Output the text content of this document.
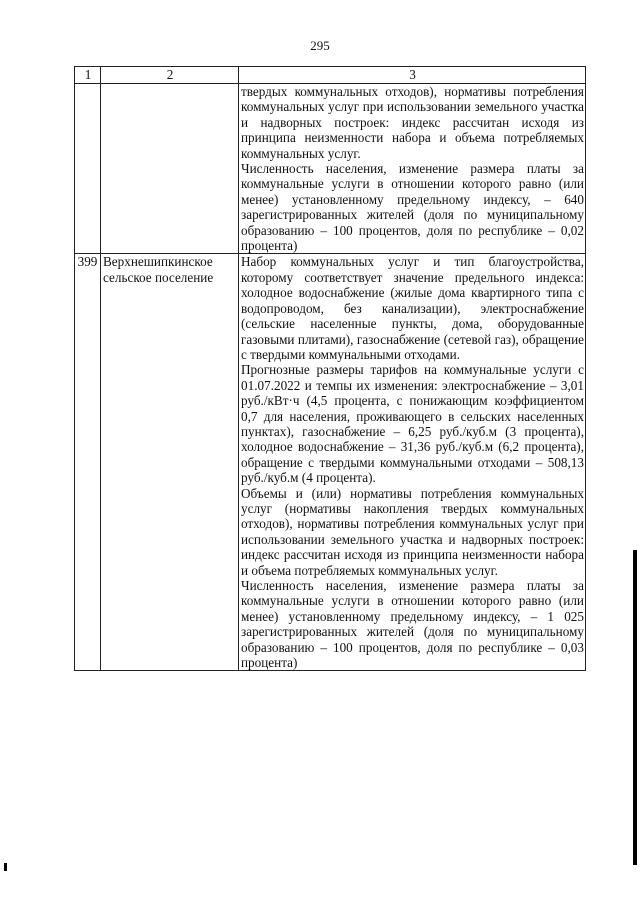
295
1	2	3

		твердых коммунальных отходов), нормативы потребления коммунальных услуг при использовании земельного участка и надворных построек: индекс рассчитан исходя из принципа неизменности набора и объема потребляемых коммунальных услуг.

Численность населения, изменение размера платы за коммунальные услуги в отношении которого равно (или менее) установленному предельному индексу, – 640 зарегистрированных жителей (доля по муниципальному образованию – 100 процентов, доля по республике – 0,02 процента)

399	Верхнешипкинское сельское поселение	Набор коммунальных услуг и тип благоустройства, которому соответствует значение предельного индекса: холодное водоснабжение (жилые дома квартирного типа с водопроводом, без канализации), электроснабжение (сельские населенные пункты, дома, оборудованные газовыми плитами), газоснабжение (сетевой газ), обращение с твердыми коммунальными отходами.

Прогнозные размеры тарифов на коммунальные услуги с 01.07.2022 и темпы их изменения: электроснабжение – 3,01 руб./кВт·ч (4,5 процента, с понижающим коэффициентом 0,7 для населения, проживающего в сельских населенных пунктах), газоснабжение – 6,25 руб./куб.м (3 процента), холодное водоснабжение – 31,36 руб./куб.м (6,2 процента), обращение с твердыми коммунальными отходами – 508,13 руб./куб.м (4 процента).

Объемы и (или) нормативы потребления коммунальных услуг (нормативы накопления твердых коммунальных отходов), нормативы потребления коммунальных услуг при использовании земельного участка и надворных построек: индекс рассчитан исходя из принципа неизменности набора и объема потребляемых коммунальных услуг.

Численность населения, изменение размера платы за коммунальные услуги в отношении которого равно (или менее) установленному предельному индексу, – 1 025 зарегистрированных жителей (доля по муниципальному образованию – 100 процентов, доля по республике – 0,03 процента)
